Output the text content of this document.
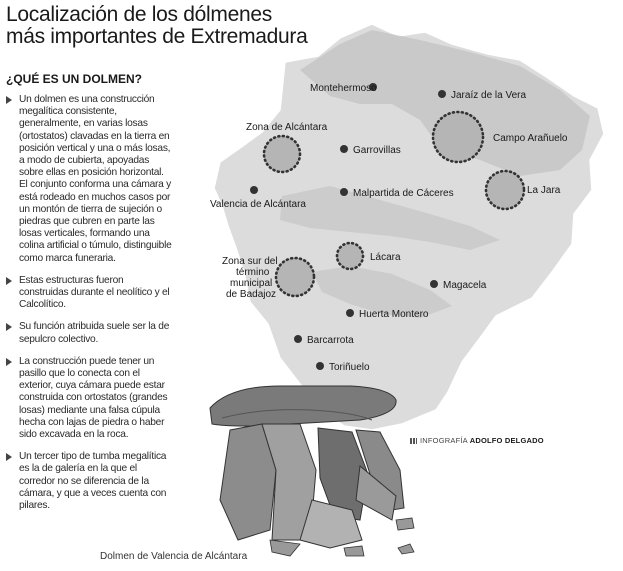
Localización de los dólmenes
más importantes de Extremadura
¿QUÉ ES UN DOLMEN?
Un dolmen es una construcción megalítica consistente, generalmente, en varias losas (ortostatos) clavadas en la tierra en posición vertical y una o más losas, a modo de cubierta, apoyadas sobre ellas en posición horizontal. El conjunto conforma una cámara y está rodeado en muchos casos por un montón de tierra de sujeción o piedras que cubren en parte las losas verticales, formando una colina artificial o túmulo, distinguible como marca funeraria.
Estas estructuras fueron construidas durante el neolítico y el Calcolítico.
Su función atribuida suele ser la de sepulcro colectivo.
La construcción puede tener un pasillo que lo conecta con el exterior, cuya cámara puede estar construida con ortostatos (grandes losas) mediante una falsa cúpula hecha con lajas de piedra o haber sido excavada en la roca.
Un tercer tipo de tumba megalítica es la de galería en la que el corredor no se diferencia de la cámara, y que a veces cuenta con pilares.
Montehermoso
Jaraíz de la Vera
Zona de Alcántara
Garrovillas
Campo Arañuelo
La Jara
Valencia de Alcántara
Malpartida de Cáceres
Zona sur del
término
municipal
de Badajoz
Lácara
Magacela
Huerta Montero
Barcarrota
Toriñuelo
INFOGRAFÍA ADOLFO DELGADO
Dolmen de Valencia de Alcántara
